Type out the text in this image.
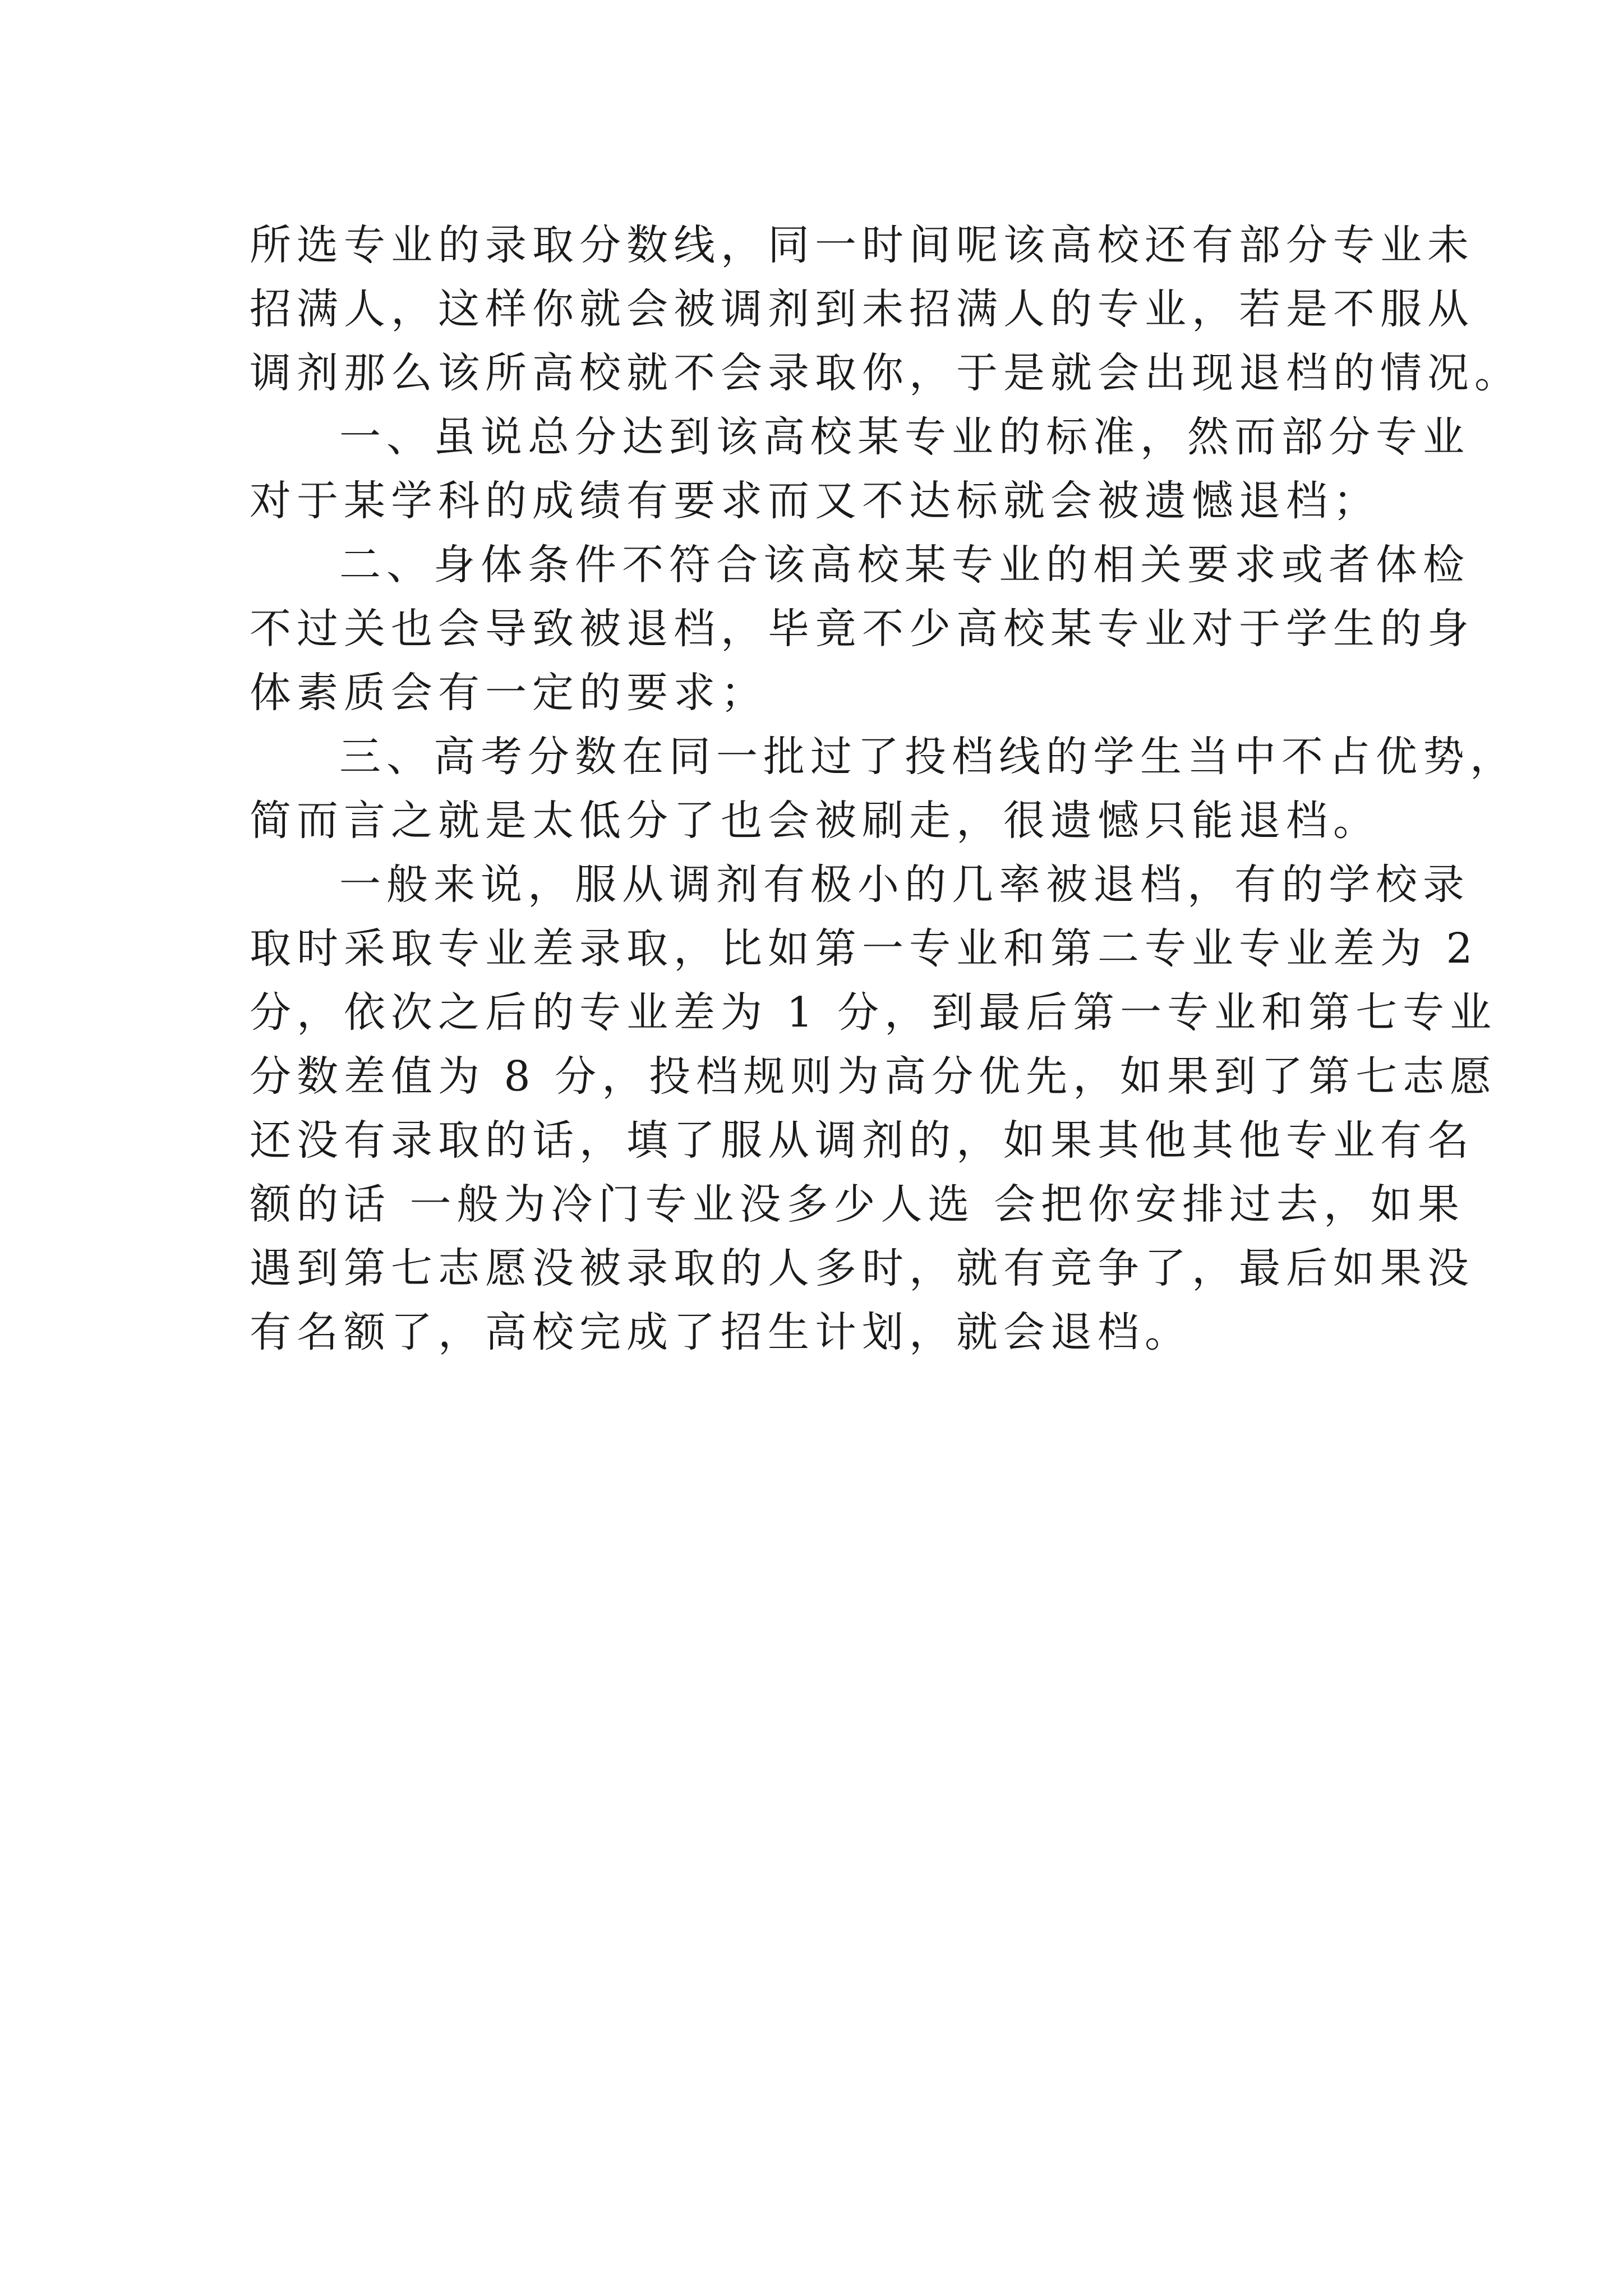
所选专业的录取分数线，同一时间呢该高校还有部分专业未
招满人，这样你就会被调剂到未招满人的专业，若是不服从
调剂那么该所高校就不会录取你，于是就会出现退档的情况。
一、虽说总分达到该高校某专业的标准，然而部分专业
对于某学科的成绩有要求而又不达标就会被遗憾退档；
二、身体条件不符合该高校某专业的相关要求或者体检
不过关也会导致被退档，毕竟不少高校某专业对于学生的身
体素质会有一定的要求；
三、高考分数在同一批过了投档线的学生当中不占优势，
简而言之就是太低分了也会被刷走，很遗憾只能退档。
一般来说，服从调剂有极小的几率被退档，有的学校录
取时采取专业差录取，比如第一专业和第二专业专业差为 2
分，依次之后的专业差为 1 分，到最后第一专业和第七专业
分数差值为 8 分，投档规则为高分优先，如果到了第七志愿
还没有录取的话，填了服从调剂的，如果其他其他专业有名
额的话 一般为冷门专业没多少人选 会把你安排过去，如果
遇到第七志愿没被录取的人多时，就有竞争了，最后如果没
有名额了，高校完成了招生计划，就会退档。
